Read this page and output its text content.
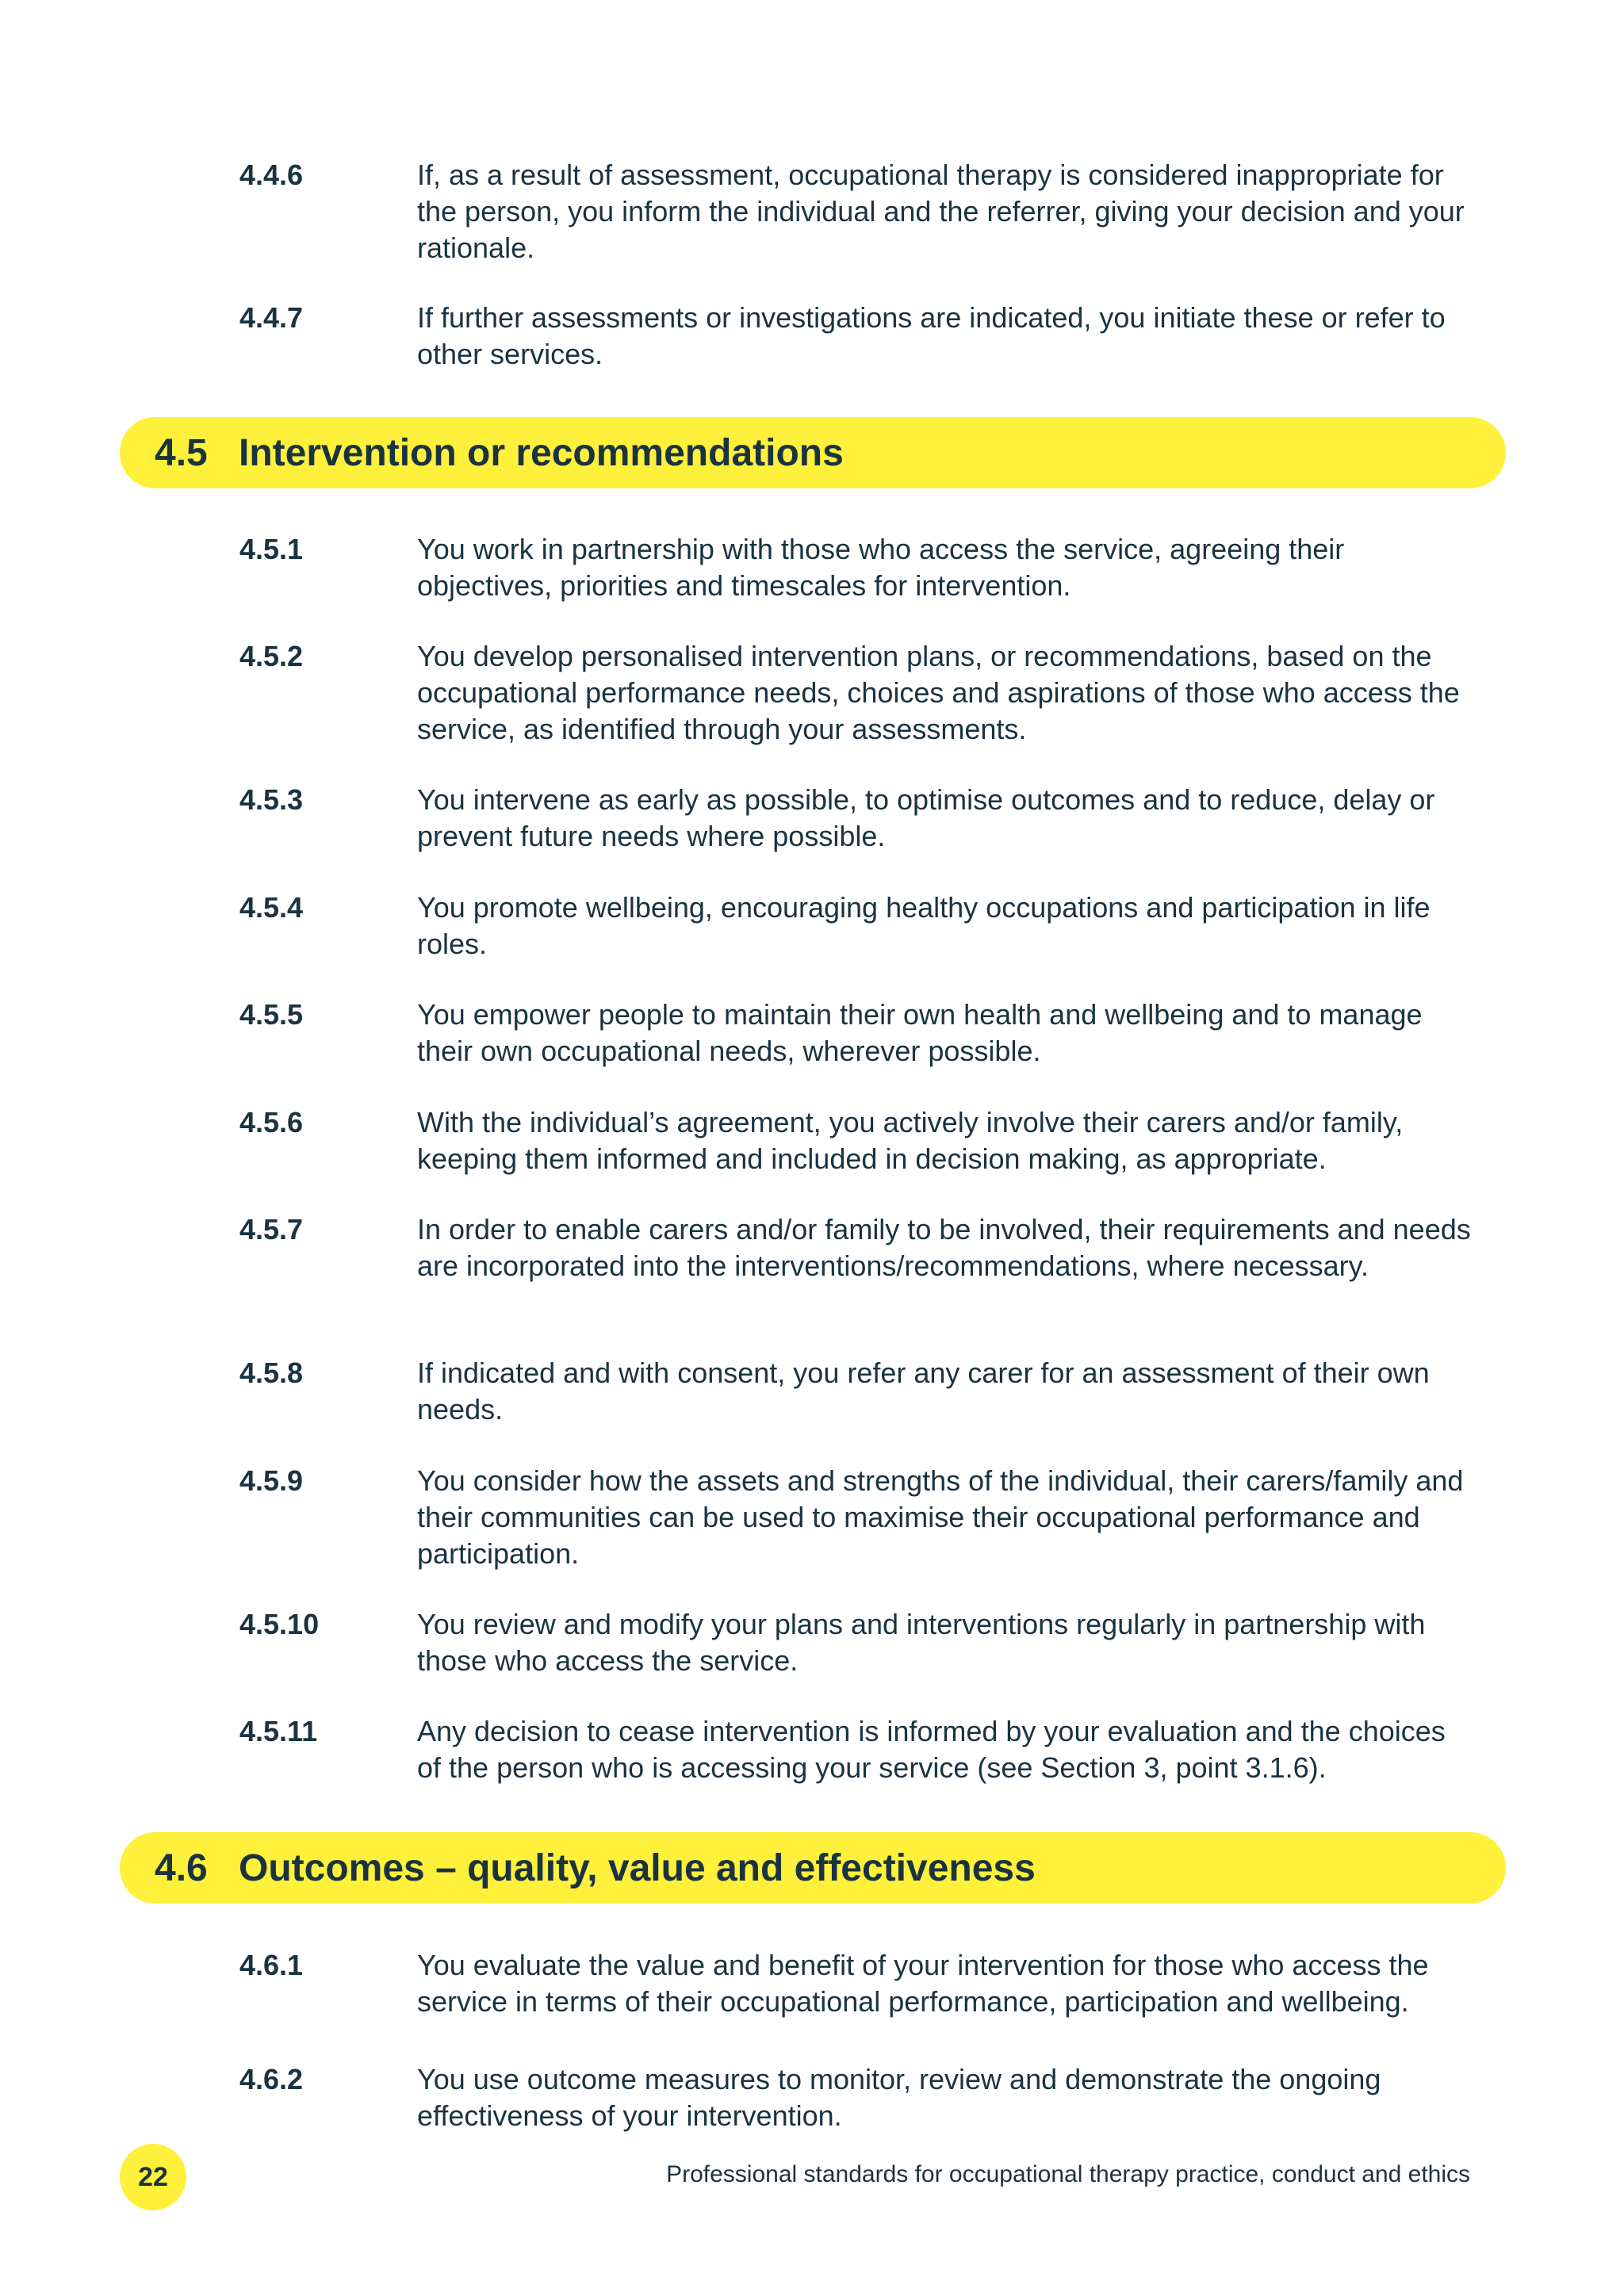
4.4.6	If, as a result of assessment, occupational therapy is considered inappropriate for the person, you inform the individual and the referrer, giving your decision and your rationale.
4.4.7	If further assessments or investigations are indicated, you initiate these or refer to other services.
4.5 Intervention or recommendations
4.5.1	You work in partnership with those who access the service, agreeing their objectives, priorities and timescales for intervention.
4.5.2	You develop personalised intervention plans, or recommendations, based on the occupational performance needs, choices and aspirations of those who access the service, as identified through your assessments.
4.5.3	You intervene as early as possible, to optimise outcomes and to reduce, delay or prevent future needs where possible.
4.5.4	You promote wellbeing, encouraging healthy occupations and participation in life roles.
4.5.5	You empower people to maintain their own health and wellbeing and to manage their own occupational needs, wherever possible.
4.5.6	With the individual’s agreement, you actively involve their carers and/or family, keeping them informed and included in decision making, as appropriate.
4.5.7	In order to enable carers and/or family to be involved, their requirements and needs are incorporated into the interventions/recommendations, where necessary.
4.5.8	If indicated and with consent, you refer any carer for an assessment of their own needs.
4.5.9	You consider how the assets and strengths of the individual, their carers/family and their communities can be used to maximise their occupational performance and participation.
4.5.10	You review and modify your plans and interventions regularly in partnership with those who access the service.
4.5.11	Any decision to cease intervention is informed by your evaluation and the choices of the person who is accessing your service (see Section 3, point 3.1.6).
4.6 Outcomes – quality, value and effectiveness
4.6.1	You evaluate the value and benefit of your intervention for those who access the service in terms of their occupational performance, participation and wellbeing.
4.6.2	You use outcome measures to monitor, review and demonstrate the ongoing effectiveness of your intervention.
22	Professional standards for occupational therapy practice, conduct and ethics
